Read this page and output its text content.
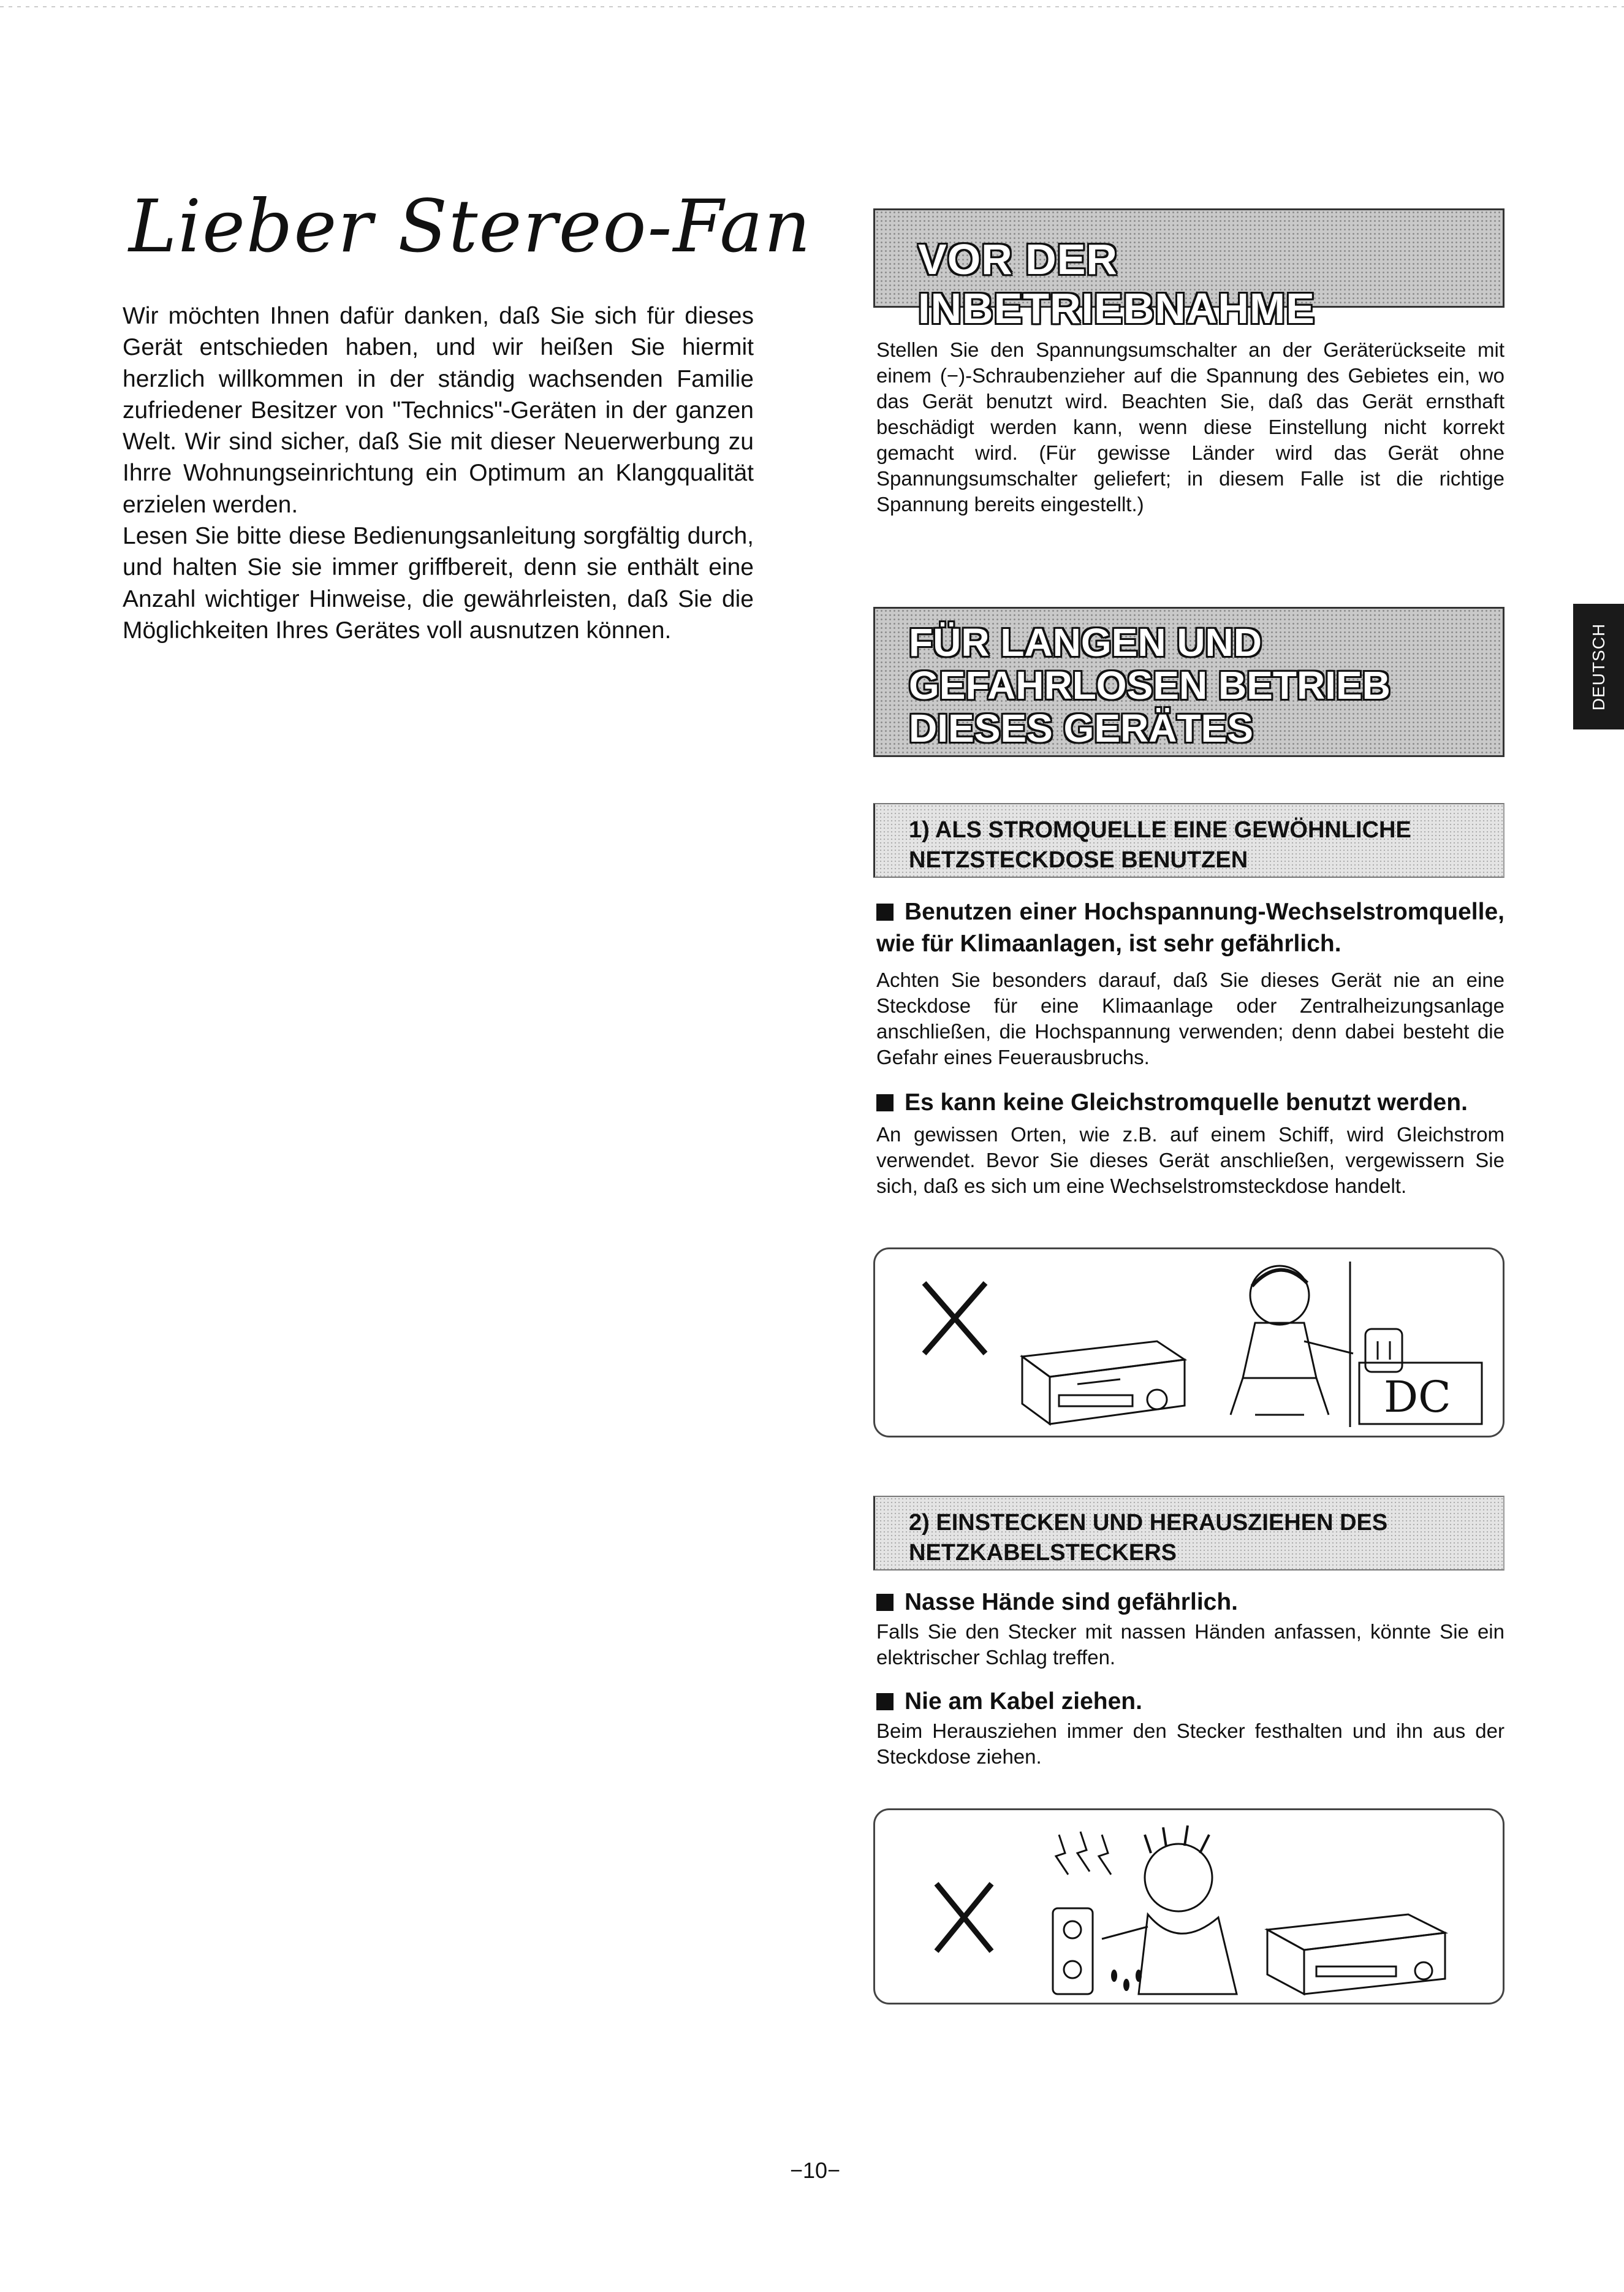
Lieber Stereo-Fan

Wir möchten Ihnen dafür danken, daß Sie sich für dieses Gerät entschieden haben, und wir heißen Sie hiermit herzlich willkommen in der ständig wachsenden Familie zufriedener Besitzer von "Technics"-Geräten in der ganzen Welt. Wir sind sicher, daß Sie mit dieser Neuerwerbung zu Ihrre Wohnungseinrichtung ein Optimum an Klangqualität erzielen werden.

Lesen Sie bitte diese Bedienungsanleitung sorgfältig durch, und halten Sie sie immer griffbereit, denn sie enthält eine Anzahl wichtiger Hinweise, die gewährleisten, daß Sie die Möglichkeiten Ihres Gerätes voll ausnutzen können.

VOR DER INBETRIEBNAHME

Stellen Sie den Spannungsumschalter an der Geräterückseite mit einem (−)-Schraubenzieher auf die Spannung des Gebietes ein, wo das Gerät benutzt wird. Beachten Sie, daß das Gerät ernsthaft beschädigt werden kann, wenn diese Einstellung nicht korrekt gemacht wird. (Für gewisse Länder wird das Gerät ohne Spannungsumschalter geliefert; in diesem Falle ist die richtige Spannung bereits eingestellt.)

FÜR LANGEN UND GEFAHRLOSEN BETRIEB DIESES GERÄTES

DEUTSCH

1) ALS STROMQUELLE EINE GEWÖHNLICHE NETZSTECKDOSE BENUTZEN

Benutzen einer Hochspannung-Wechselstromquelle, wie für Klimaanlagen, ist sehr gefährlich.

Achten Sie besonders darauf, daß Sie dieses Gerät nie an eine Steckdose für eine Klimaanlage oder Zentralheizungsanlage anschließen, die Hochspannung verwenden; denn dabei besteht die Gefahr eines Feuerausbruchs.

Es kann keine Gleichstromquelle benutzt werden.

An gewissen Orten, wie z.B. auf einem Schiff, wird Gleichstrom verwendet. Bevor Sie dieses Gerät anschließen, vergewissern Sie sich, daß es sich um eine Wechselstromsteckdose handelt.

DC

2) EINSTECKEN UND HERAUSZIEHEN DES NETZKABELSTECKERS

Nasse Hände sind gefährlich.

Falls Sie den Stecker mit nassen Händen anfassen, könnte Sie ein elektrischer Schlag treffen.

Nie am Kabel ziehen.

Beim Herausziehen immer den Stecker festhalten und ihn aus der Steckdose ziehen.

−10−
